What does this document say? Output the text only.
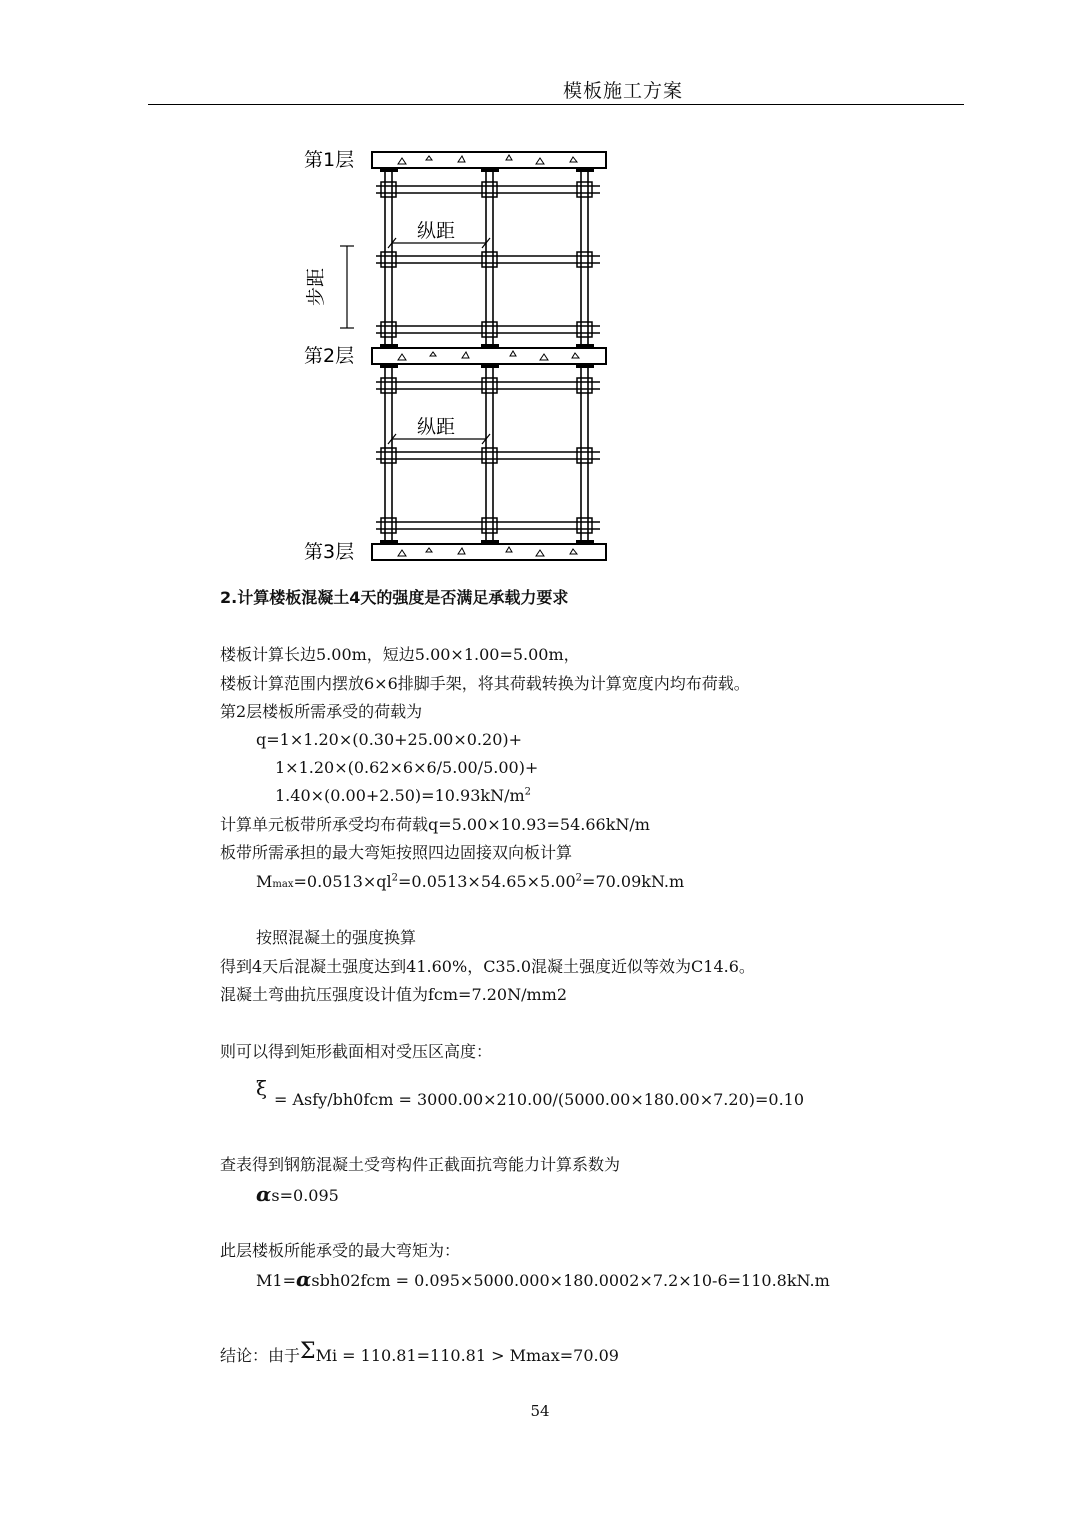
模板施工方案
第1层
第2层
第3层
纵距
纵距
步距
2.计算楼板混凝土4天的强度是否满足承载力要求
楼板计算长边5.00m，短边5.00×1.00=5.00m，
楼板计算范围内摆放6×6排脚手架，将其荷载转换为计算宽度内均布荷载。
第2层楼板所需承受的荷载为
q=1×1.20×(0.30+25.00×0.20)+
1×1.20×(0.62×6×6/5.00/5.00)+
$1.40\times(0.00+2.50)=10.93kN/m^2$
计算单元板带所承受均布荷载q=5.00×10.93=54.66kN/m
板带所需承担的最大弯矩按照四边固接双向板计算
$Mmax=0.0513\times ql^2=0.0513\times 54.65\times 5.00^2=70.09kN.m$
按照混凝土的强度换算
得到4天后混凝土强度达到41.60%，C35.0混凝土强度近似等效为C14.6。
混凝土弯曲抗压强度设计值为fcm=7.20N/mm2
则可以得到矩形截面相对受压区高度：
ξ = Asfy/bh0fcm = 3000.00×210.00/(5000.00×180.00×7.20)=0.10
查表得到钢筋混凝土受弯构件正截面抗弯能力计算系数为
αs=0.095
此层楼板所能承受的最大弯矩为：
M1=αsbh02fcm = 0.095×5000.000×180.0002×7.2×10-6=110.8kN.m
结论：由于ΣMi = 110.81=110.81 > Mmax=70.09
54
